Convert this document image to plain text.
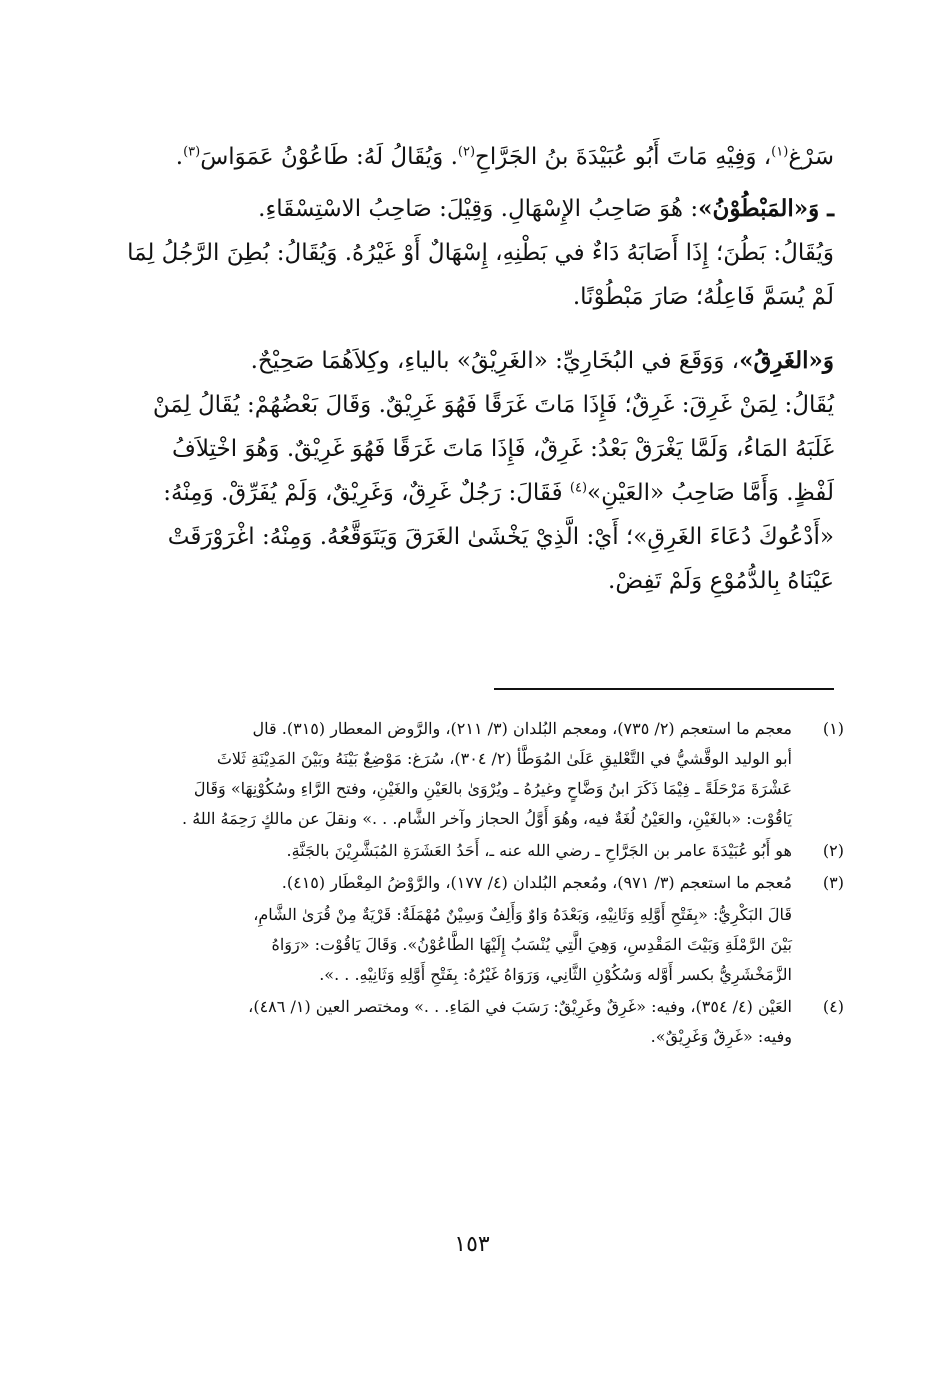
سَرْغ$^{(١)}$، وَفِيْهِ مَاتَ أَبُو عُبَيْدَةَ بنُ الجَرَّاحِ$^{(٢)}$. وَيُقَالُ لَهُ: طَاعُوْنُ عَمَوَاسَ$^{(٣)}$.

ـ وَ«المَبْطُوْنُ»: هُوَ صَاحِبُ الإِسْهَالِ. وَقِيْلَ: صَاحِبُ الاسْتِسْقَاءِ.

وَيُقَالُ: بَطُنَ؛ إِذَا أَصَابَهُ دَاءٌ في بَطْنِهِ، إِسْهَالٌ أَوْ غَيْرُهُ. وَيُقَالُ: بُطِنَ الرَّجُلُ لِمَا

لَمْ يُسَمَّ فَاعِلُهُ؛ صَارَ مَبْطُوْنًا.

وَ«الغَرِقُ»، وَوَقَعَ في البُخَارِيِّ: «الغَرِيْقُ» بالياءِ، وكِلاَهُمَا صَحِيْحٌ.

يُقَالُ: لِمَنْ غَرِقَ: غَرِقٌ؛ فَإِذَا مَاتَ غَرَقًا فَهُوَ غَرِيْقٌ. وَقَالَ بَعْضُهُمْ: يُقَالُ لِمَنْ

غَلَبَهُ المَاءُ، وَلَمَّا يَغْرَقْ بَعْدُ: غَرِقٌ، فَإِذَا مَاتَ غَرَقًا فَهُوَ غَرِيْقٌ. وَهُوَ اخْتِلاَفُ

لَفْظٍ. وَأَمَّا صَاحِبُ «العَيْنِ»$^{(٤)}$ فَقَالَ: رَجُلٌ غَرِقٌ، وَغَرِيْقٌ، وَلَمْ يُفَرِّقْ. وَمِنْهُ:

«أَدْعُوكَ دُعَاءَ الغَرِقِ»؛ أَيْ: الَّذِيْ يَخْشَىٰ الغَرَقَ وَيَتَوَقَّعُهُ. وَمِنْهُ: اغْرَوْرَقَتْ

عَيْنَاهُ بِالدُّمُوْعِ وَلَمْ تَفِضْ.

(١)
معجم ما استعجم (٢/ ٧٣٥)، ومعجم البُلدان (٣/ ٢١١)، والرَّوض المعطار (٣١٥). قال
أبو الوليد الوقَّشيُّ في التَّعْليقِ عَلَىٰ المُوَطَّأ (٢/ ٣٠٤)، سُرَغ: مَوْضِعٌ بَيْنَهُ وبَيْنَ المَدِيْنَةِ ثَلاثَ
عَشْرَةَ مَرْحَلَةً ـ فِيْمَا ذَكَرَ ابنُ وَضَّاحٍ وغيرُهُ ـ ويُرْوَىٰ بالعَيْنِ والغَيْنِ، وفتح الرَّاءِ وسُكُوْنِهَا» وَقَالَ
يَاقُوْت: «بالغَيْنِ، والعَيْنُ لُغَةٌ فيه، وهُوَ أَوَّلُ الحجاز وآخر الشَّام. . .» ونقلَ عن مالكٍ رَحِمَهُ اللهُ .
(٢)
هو أَبُو عُبَيْدَةَ عامر بن الجَرَّاحِ ـ رضي الله عنه ـ، أَحَدُ العَشَرَةِ المُبَشَّرِيْنَ بالجَنَّةِ.
(٣)
مُعجم ما استعجم (٣/ ٩٧١)، ومُعجم البُلدان (٤/ ١٧٧)، والرَّوْضُ المِعْطَار (٤١٥).
قَالَ البَكْرِيُّ: «بِفَتْحِ أَوَّلِهِ وَثَانِيْهِ، وَبَعْدَهُ وَاوٌ وَأَلِفٌ وَسِيْنٌ مُهْمَلَةٌ: قَرْيَةٌ مِنْ قُرَىٰ الشَّامِ،
بَيْنَ الرَّمْلَةِ وَبَيْتَ المَقْدِسِ، وَهِيَ الَّتِي يُنْسَبُ إِلَيْهَا الطَّاعُوْنُ». وَقَالَ يَاقُوْت: «رَوَاهُ
الزَّمَخْشَرِيُّ بكسر أَوَّله وَسُكُوْنِ الثَّانِي، وَرَوَاهُ غَيْرُهُ: بِفَتْحِ أَوَّلِهِ وَثَانِيْهِ. . .».
(٤)
العَيْن (٤/ ٣٥٤)، وفيه: «غَرِقٌ وغَرِيْقٌ: رَسَبَ في المَاءِ. . .» ومختصر العين (١/ ٤٨٦)،
وفيه: «غَرِقٌ وَغَرِيْقٌ».
١٥٣
